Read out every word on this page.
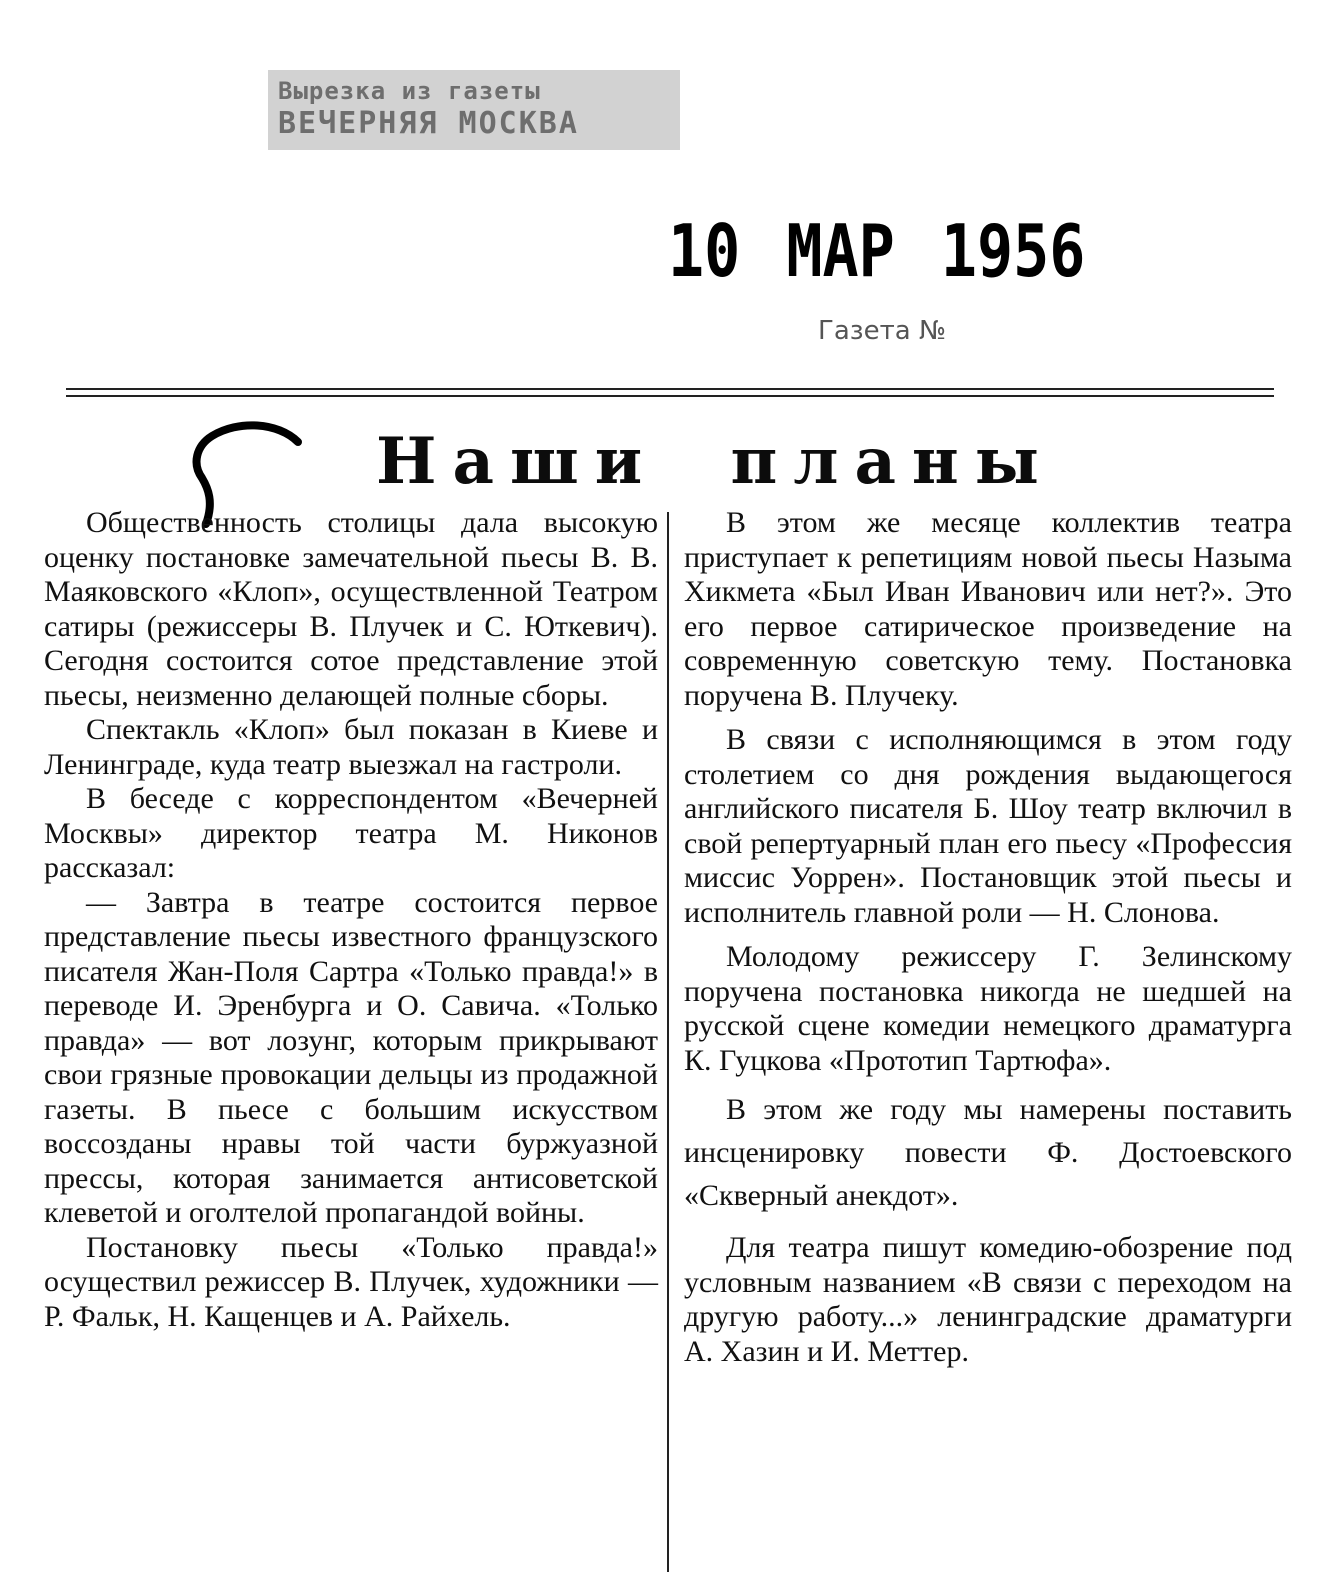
Вырезка из газеты
ВЕЧЕРНЯЯ МОСКВА
10 МАР 1956
Газета №
Наши планы

Общественность столицы дала высокую оценку постановке замечательной пьесы В. В. Маяковского «Клоп», осуществленной Театром сатиры (режиссеры В. Плучек и С. Юткевич). Сегодня состоится сотое представление этой пьесы, неизменно делающей полные сборы.

Спектакль «Клоп» был показан в Киеве и Ленинграде, куда театр выезжал на гастроли.

В беседе с корреспондентом «Вечерней Москвы» директор театра М. Никонов рассказал:

— Завтра в театре состоится первое представление пьесы известного французского писателя Жан-Поля Сартра «Только правда!» в переводе И. Эренбурга и О. Савича. «Только правда» — вот лозунг, которым прикрывают свои грязные провокации дельцы из продажной газеты. В пьесе с большим искусством воссозданы нравы той части буржуазной прессы, которая занимается антисоветской клеветой и оголтелой пропагандой войны.

Постановку пьесы «Только правда!» осуществил режиссер В. Плучек, художники — Р. Фальк, Н. Кащенцев и А. Райхель.

В этом же месяце коллектив театра приступает к репетициям новой пьесы Назыма Хикмета «Был Иван Иванович или нет?». Это его первое сатирическое произведение на современную советскую тему. Постановка поручена В. Плучеку.

В связи с исполняющимся в этом году столетием со дня рождения выдающегося английского писателя Б. Шоу театр включил в свой репертуарный план его пьесу «Профессия миссис Уоррен». Постановщик этой пьесы и исполнитель главной роли — Н. Слонова.

Молодому режиссеру Г. Зелинскому поручена постановка никогда не шедшей на русской сцене комедии немецкого драматурга К. Гуцкова «Прототип Тартюфа».

В этом же году мы намерены поставить инсценировку повести Ф. Достоевского «Скверный анекдот».

Для театра пишут комедию-обозрение под условным названием «В связи с переходом на другую работу...» ленинградские драматурги А. Хазин и И. Меттер.
